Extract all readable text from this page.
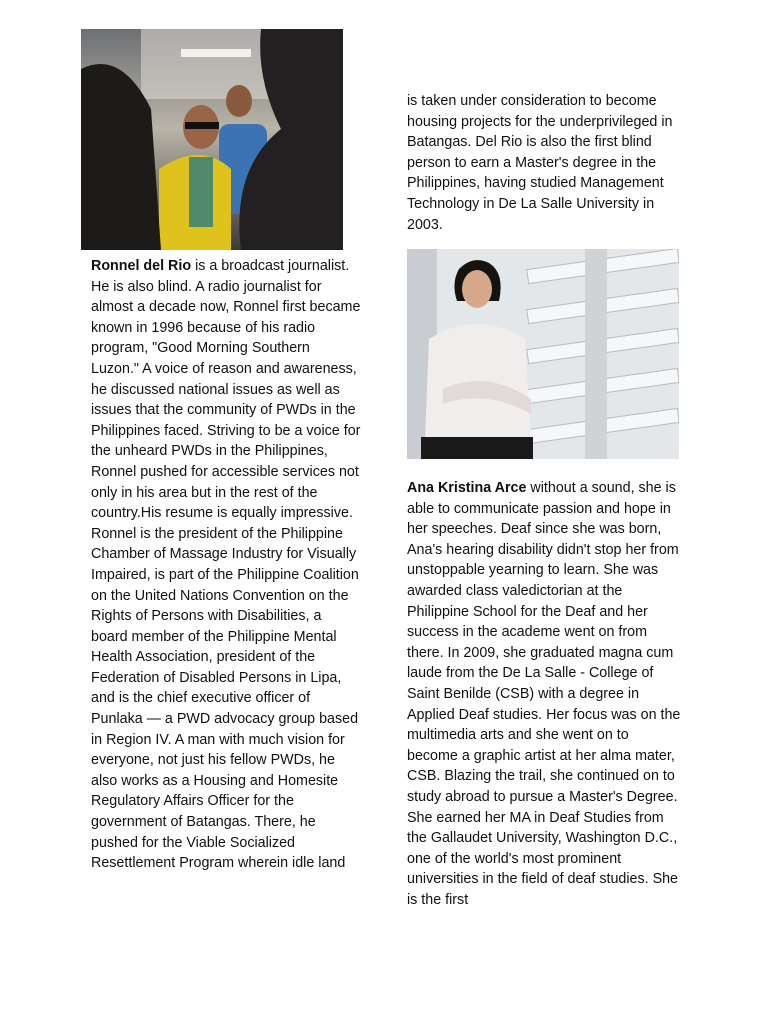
Ronnel del Rio is a broadcast journalist. He is also blind. A radio journalist for almost a decade now, Ronnel first became known in 1996 because of his radio program, "Good Morning Southern Luzon." A voice of reason and awareness, he discussed national issues as well as issues that the community of PWDs in the Philippines faced. Striving to be a voice for the unheard PWDs in the Philippines, Ronnel pushed for accessible services not only in his area but in the rest of the country.His resume is equally impressive. Ronnel is the president of the Philippine Chamber of Massage Industry for Visually Impaired, is part of the Philippine Coalition on the United Nations Convention on the Rights of Persons with Disabilities, a board member of the Philippine Mental Health Association, president of the Federation of Disabled Persons in Lipa, and is the chief executive officer of Punlaka — a PWD advocacy group based in Region IV. A man with much vision for everyone, not just his fellow PWDs, he also works as a Housing and Homesite Regulatory Affairs Officer for the government of Batangas. There, he pushed for the Viable Socialized Resettlement Program wherein idle land

is taken under consideration to become housing projects for the underprivileged in Batangas. Del Rio is also the first blind person to earn a Master's degree in the Philippines, having studied Management Technology in De La Salle University in 2003.

Ana Kristina Arce without a sound, she is able to communicate passion and hope in her speeches. Deaf since she was born, Ana's hearing disability didn't stop her from unstoppable yearning to learn. She was awarded class valedictorian at the Philippine School for the Deaf and her success in the academe went on from there. In 2009, she graduated magna cum laude from the De La Salle - College of Saint Benilde (CSB) with a degree in Applied Deaf studies. Her focus was on the multimedia arts and she went on to become a graphic artist at her alma mater, CSB. Blazing the trail, she continued on to study abroad to pursue a Master's Degree. She earned her MA in Deaf Studies from the Gallaudet University, Washington D.C., one of the world's most prominent universities in the field of deaf studies. She is the first
